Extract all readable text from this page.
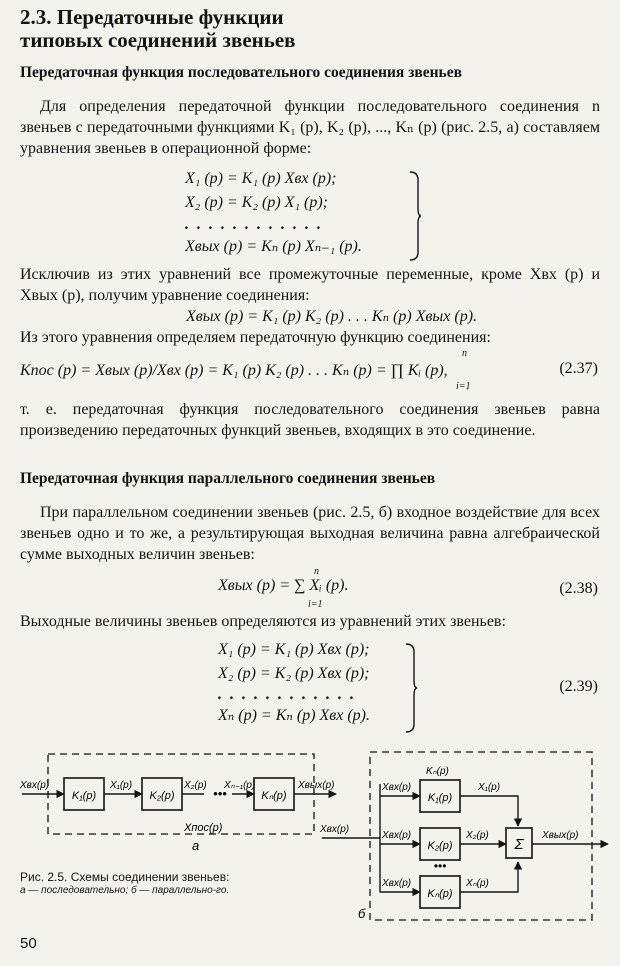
2.3. Передаточные функции
типовых соединений звеньев
Передаточная функция последовательного соединения звеньев
Для определения передаточной функции последовательного соединения n звеньев с передаточными функциями K₁ (p), K₂ (p), ..., Kₙ (p) (рис. 2.5, а) составляем уравнения звеньев в операционной форме:
X₁ (p) = K₁ (p) Xвх (p);
X₂ (p) = K₂ (p) X₁ (p);
. . . . . . . . . . . .
Xвых (p) = Kₙ (p) Xₙ₋₁ (p).
Исключив из этих уравнений все промежуточные переменные, кроме Xвх (p) и Xвых (p), получим уравнение соединения:
Xвых (p) = K₁ (p) K₂ (p) . . . Kₙ (p) Xвых (p).
Из этого уравнения определяем передаточную функцию соединения:
Kпос (p) = Xвых (p)/Xвх (p) = K₁ (p) K₂ (p) . . . Kₙ (p) = ∏ Kᵢ (p),
n
i=1
(2.37)
т. е. передаточная функция последовательного соединения звеньев равна произведению передаточных функций звеньев, входящих в это соединение.
Передаточная функция параллельного соединения звеньев
При параллельном соединении звеньев (рис. 2.5, б) входное воздействие для всех звеньев одно и то же, а результирующая выходная величина равна алгебраической сумме выходных величин звеньев:
Xвых (p) = ∑ Xᵢ (p).
n
i=1
(2.38)
Выходные величины звеньев определяются из уравнений этих звеньев:
X₁ (p) = K₁ (p) Xвх (p);
X₂ (p) = K₂ (p) Xвх (p);
. . . . . . . . . . . .
Xₙ (p) = Kₙ (p) Xвх (p).
(2.39)
K₁(p)	K₂(p)	•••	Kₙ(p)
Xвх(p)	X₁(p)	X₂(p) Xₙ₋₁(p)	Xвых(p)
Xпос(p)
а
Рис. 2.5. Схемы соединении звеньев:
а — последовательно; б — параллельно-го.
K₁(p)
K₂(p)
•••
Kₙ(p)
Σ
Xвх(p)
Xвх(p)
Xвх(p)
Xвх(p)
Kₙ(p)
X₁(p)
X₂(p)
Xₙ(p)
Xвых(p)
б
50
